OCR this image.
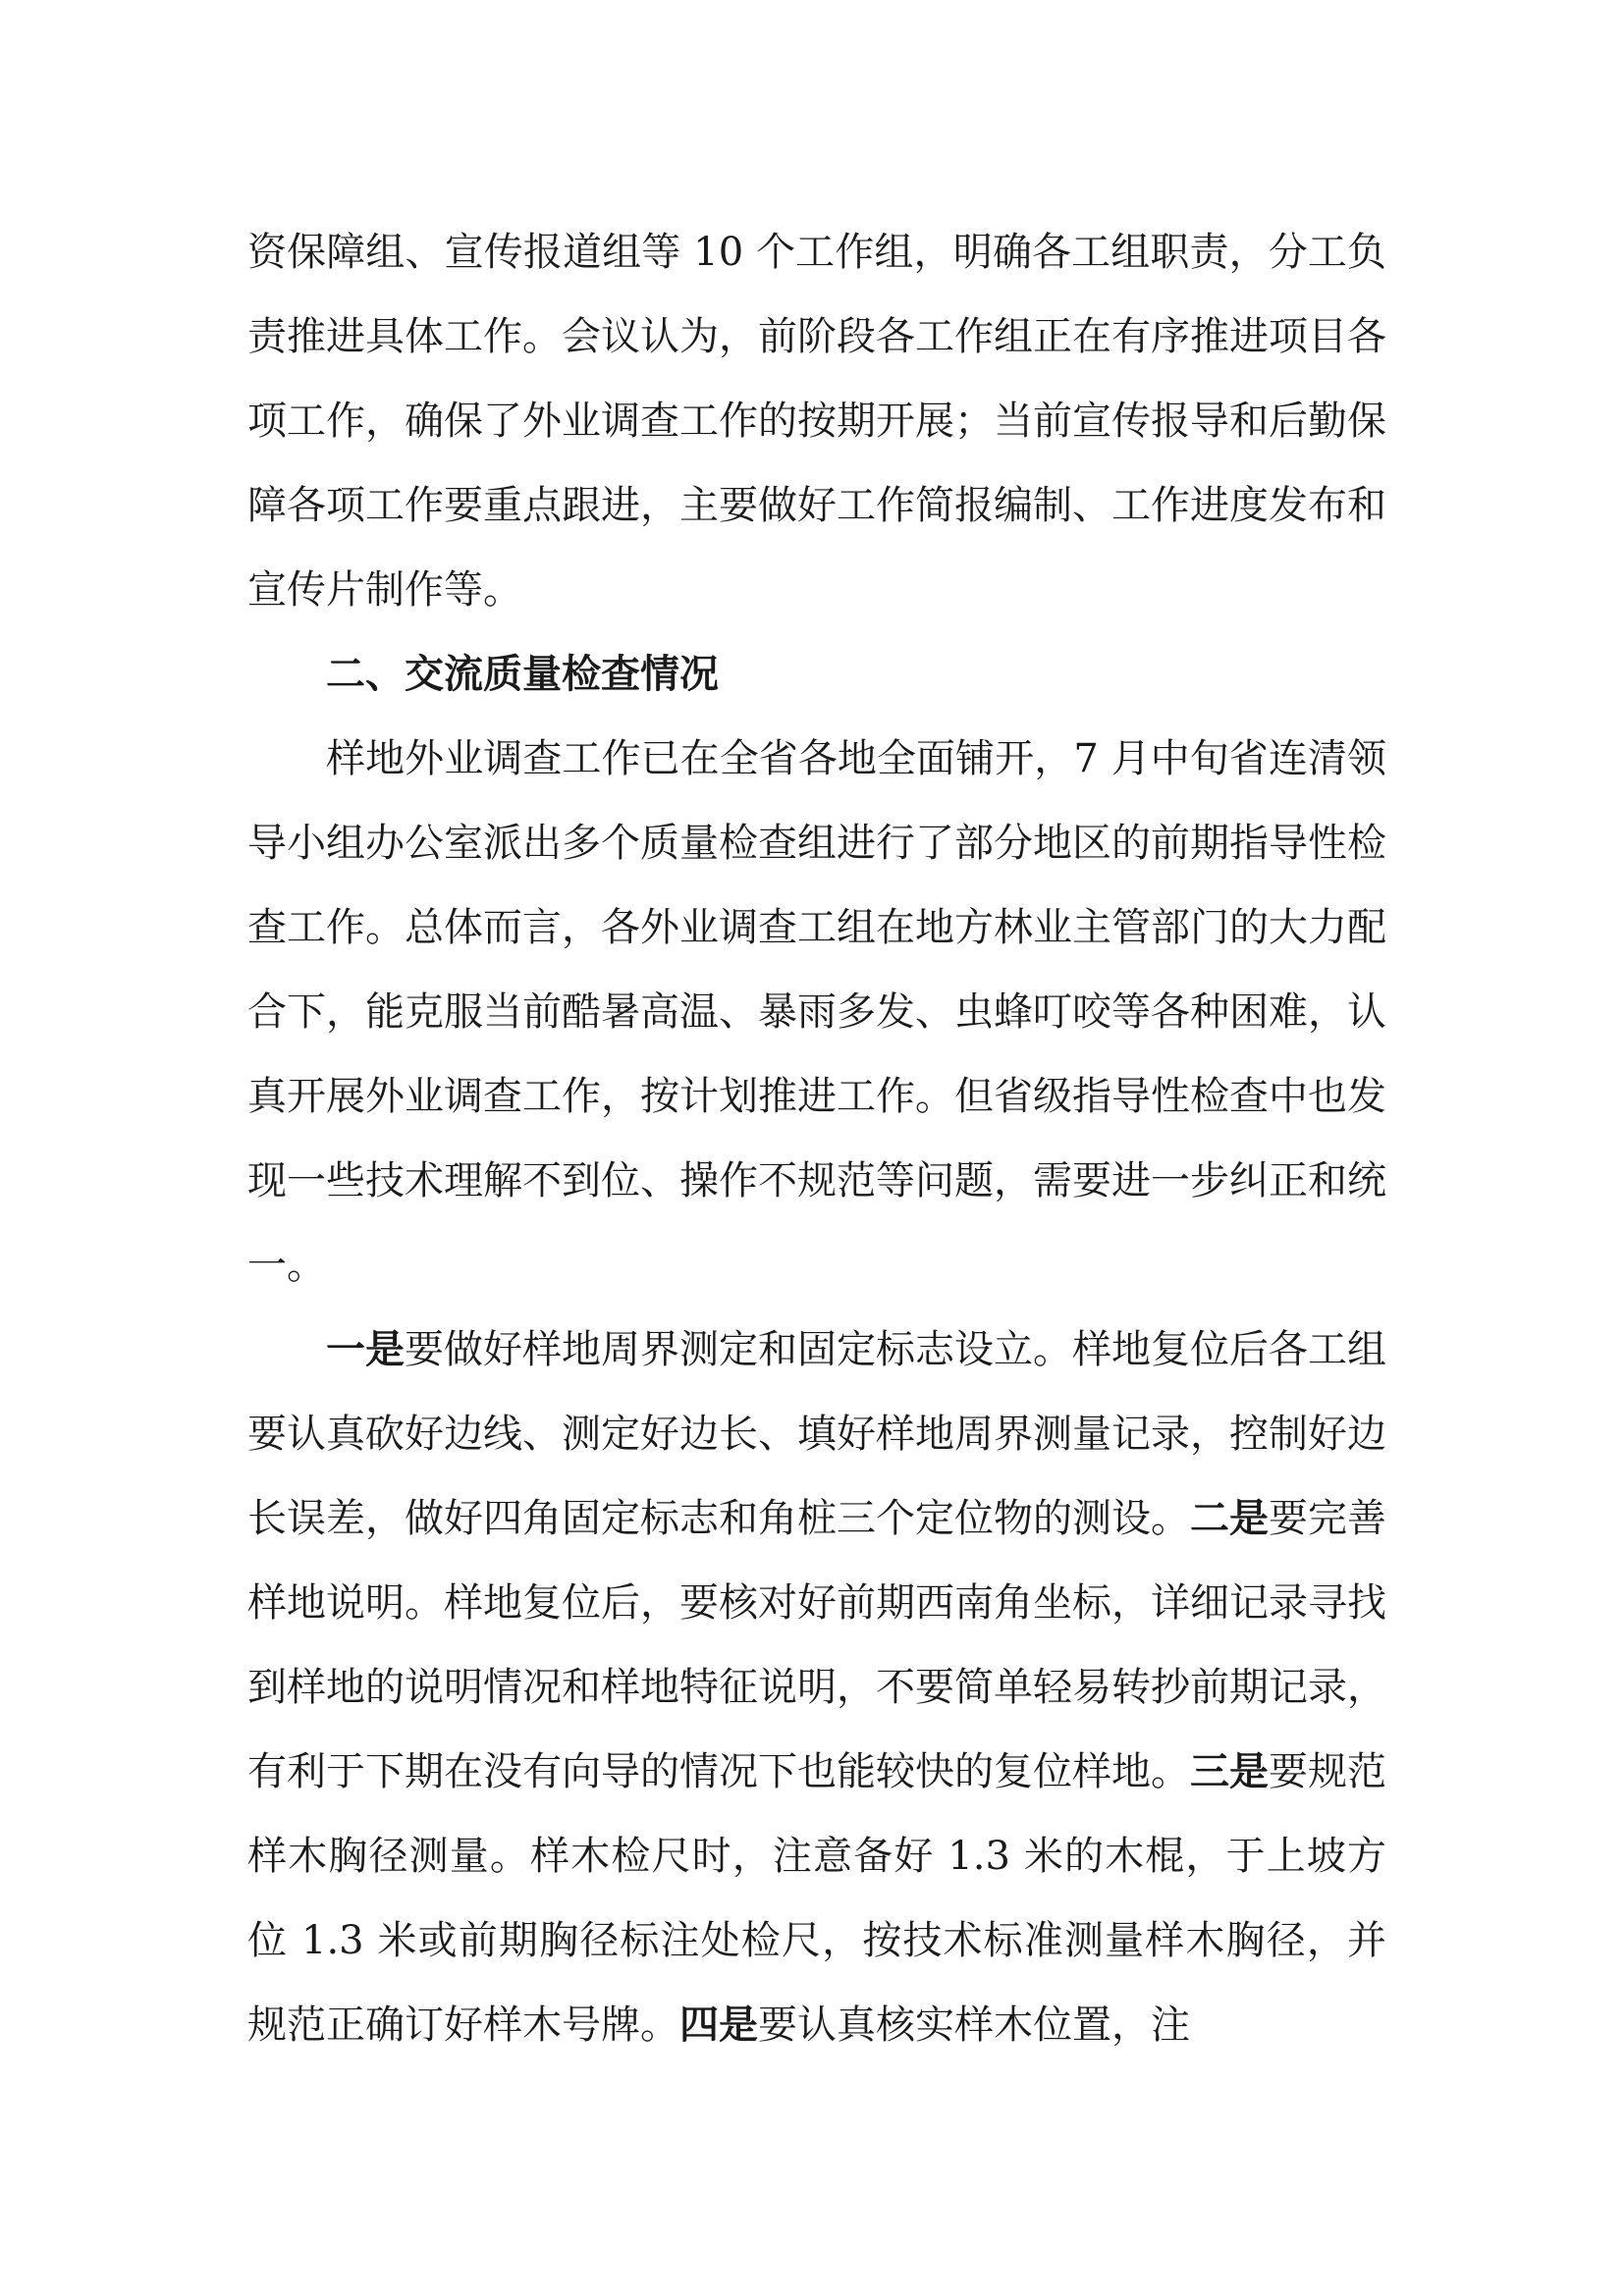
资保障组、宣传报道组等 10 个工作组，明确各工组职责，分工负责推进具体工作。会议认为，前阶段各工作组正在有序推进项目各项工作，确保了外业调查工作的按期开展；当前宣传报导和后勤保障各项工作要重点跟进，主要做好工作简报编制、工作进度发布和宣传片制作等。

二、交流质量检查情况

样地外业调查工作已在全省各地全面铺开，7 月中旬省连清领导小组办公室派出多个质量检查组进行了部分地区的前期指导性检查工作。总体而言，各外业调查工组在地方林业主管部门的大力配合下，能克服当前酷暑高温、暴雨多发、虫蜂叮咬等各种困难，认真开展外业调查工作，按计划推进工作。但省级指导性检查中也发现一些技术理解不到位、操作不规范等问题，需要进一步纠正和统一。

一是要做好样地周界测定和固定标志设立。样地复位后各工组要认真砍好边线、测定好边长、填好样地周界测量记录，控制好边长误差，做好四角固定标志和角桩三个定位物的测设。二是要完善样地说明。样地复位后，要核对好前期西南角坐标，详细记录寻找到样地的说明情况和样地特征说明，不要简单轻易转抄前期记录，有利于下期在没有向导的情况下也能较快的复位样地。三是要规范样木胸径测量。样木检尺时，注意备好 1.3 米的木棍，于上坡方位 1.3 米或前期胸径标注处检尺，按技术标准测量样木胸径，并规范正确订好样木号牌。四是要认真核实样木位置，注
